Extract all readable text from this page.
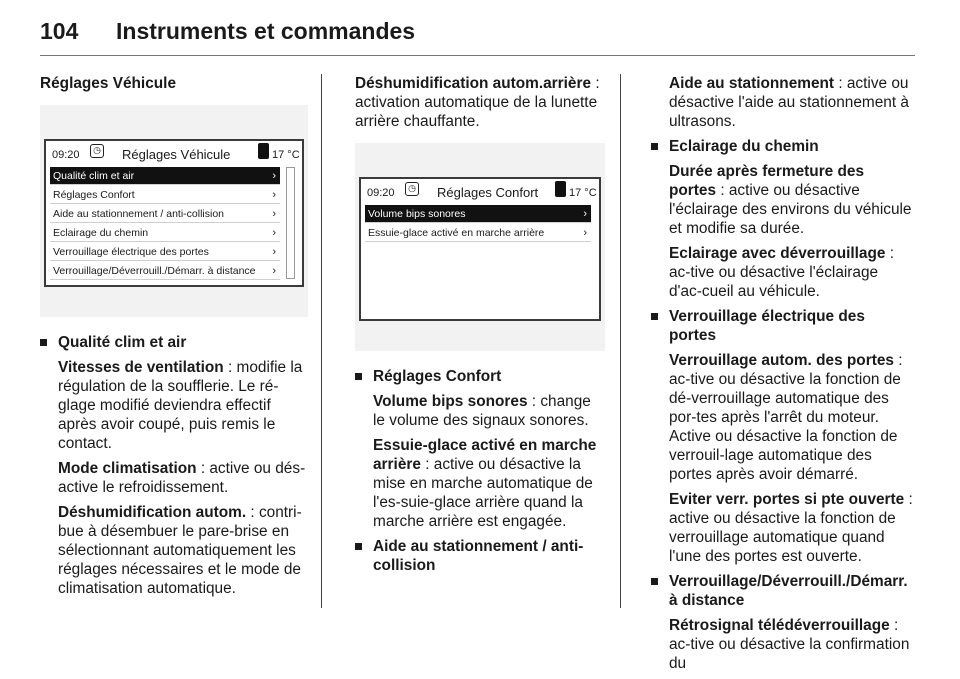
104 Instruments et commandes

Réglages Véhicule

09:20	◷ Réglages Véhicule	17 °C
Qualité clim et air	›
Réglages Confort	›
Aide au stationnement / anti-collision	›
Eclairage du chemin	›
Verrouillage électrique des portes	›
Verrouillage/Déverrouill./Démarr. à distance ›
Qualité clim et air

Vitesses de ventilation : modifie la régulation de la soufflerie. Le ré-glage modifié deviendra effectif après avoir coupé, puis remis le contact.

Mode climatisation : active ou dés-active le refroidissement.

Déshumidification autom. : contri-bue à désembuer le pare-brise en sélectionnant automatiquement les réglages nécessaires et le mode de climatisation automatique.

Déshumidification autom.arrière : activation automatique de la lunette arrière chauffante.

09:20	◷ Réglages Confort	17 °C
Volume bips sonores	›
Essuie-glace activé en marche arrière	›
Réglages Confort

Volume bips sonores : change le volume des signaux sonores.

Essuie-glace activé en marche arrière : active ou désactive la mise en marche automatique de l'es-suie-glace arrière quand la marche arrière est engagée.

Aide au stationnement / anti-collision

Aide au stationnement : active ou désactive l'aide au stationnement à ultrasons.

Eclairage du chemin

Durée après fermeture des portes : active ou désactive l'éclairage des environs du véhicule et modifie sa durée.

Eclairage avec déverrouillage : ac-tive ou désactive l'éclairage d'ac-cueil au véhicule.

Verrouillage électrique des portes

Verrouillage autom. des portes : ac-tive ou désactive la fonction de dé-verrouillage automatique des por-tes après l'arrêt du moteur. Active ou désactive la fonction de verrouil-lage automatique des portes après avoir démarré.

Eviter verr. portes si pte ouverte : active ou désactive la fonction de verrouillage automatique quand l'une des portes est ouverte.

Verrouillage/Déverrouill./Démarr. à distance

Rétrosignal télédéverrouillage : ac-tive ou désactive la confirmation du
